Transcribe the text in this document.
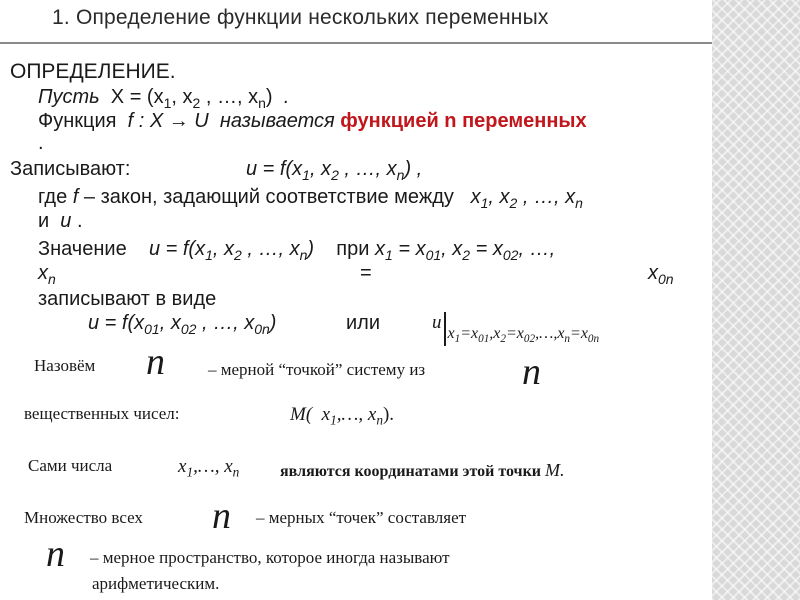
1. Определение функции нескольких переменных
ОПРЕДЕЛЕНИЕ.
Пусть $X = (x_1$, $x_2$ , …, $x_n$)  .
Функция f : X → U называется функцией n переменных
.
Записывают:	$u = f(x_1$, $x_2$ , …, $x_n$) ,
где f – закон, задающий соответствие между $x_1$, $x_2$ , …, $x_n$
и u .
Значение $u = f(x_1$, $x_2$ , …, $x_n$) при $x_1 = x_{01}$, $x_2 = x_{02}$, …,
$x_n$	=	$x_{0n}$
записывают в виде
$u = f(x_{01}$, $x_{02}$ , …, $x_{0n}$)	или	$u_{x_1=x_{01},x_2=x_{02},\dots,x_n=x_{0n}}$
Назовём n	– мерной “точкой” систему из	n
вещественных чисел:	M(  $x_1,\dots$, $x_n$).
Сами числа	$x_1,\dots$, $x_n$	являются координатами этой точки M.
Множество всех n – мерных “точек” составляет
n – мерное пространство, которое иногда называют
арифметическим.
